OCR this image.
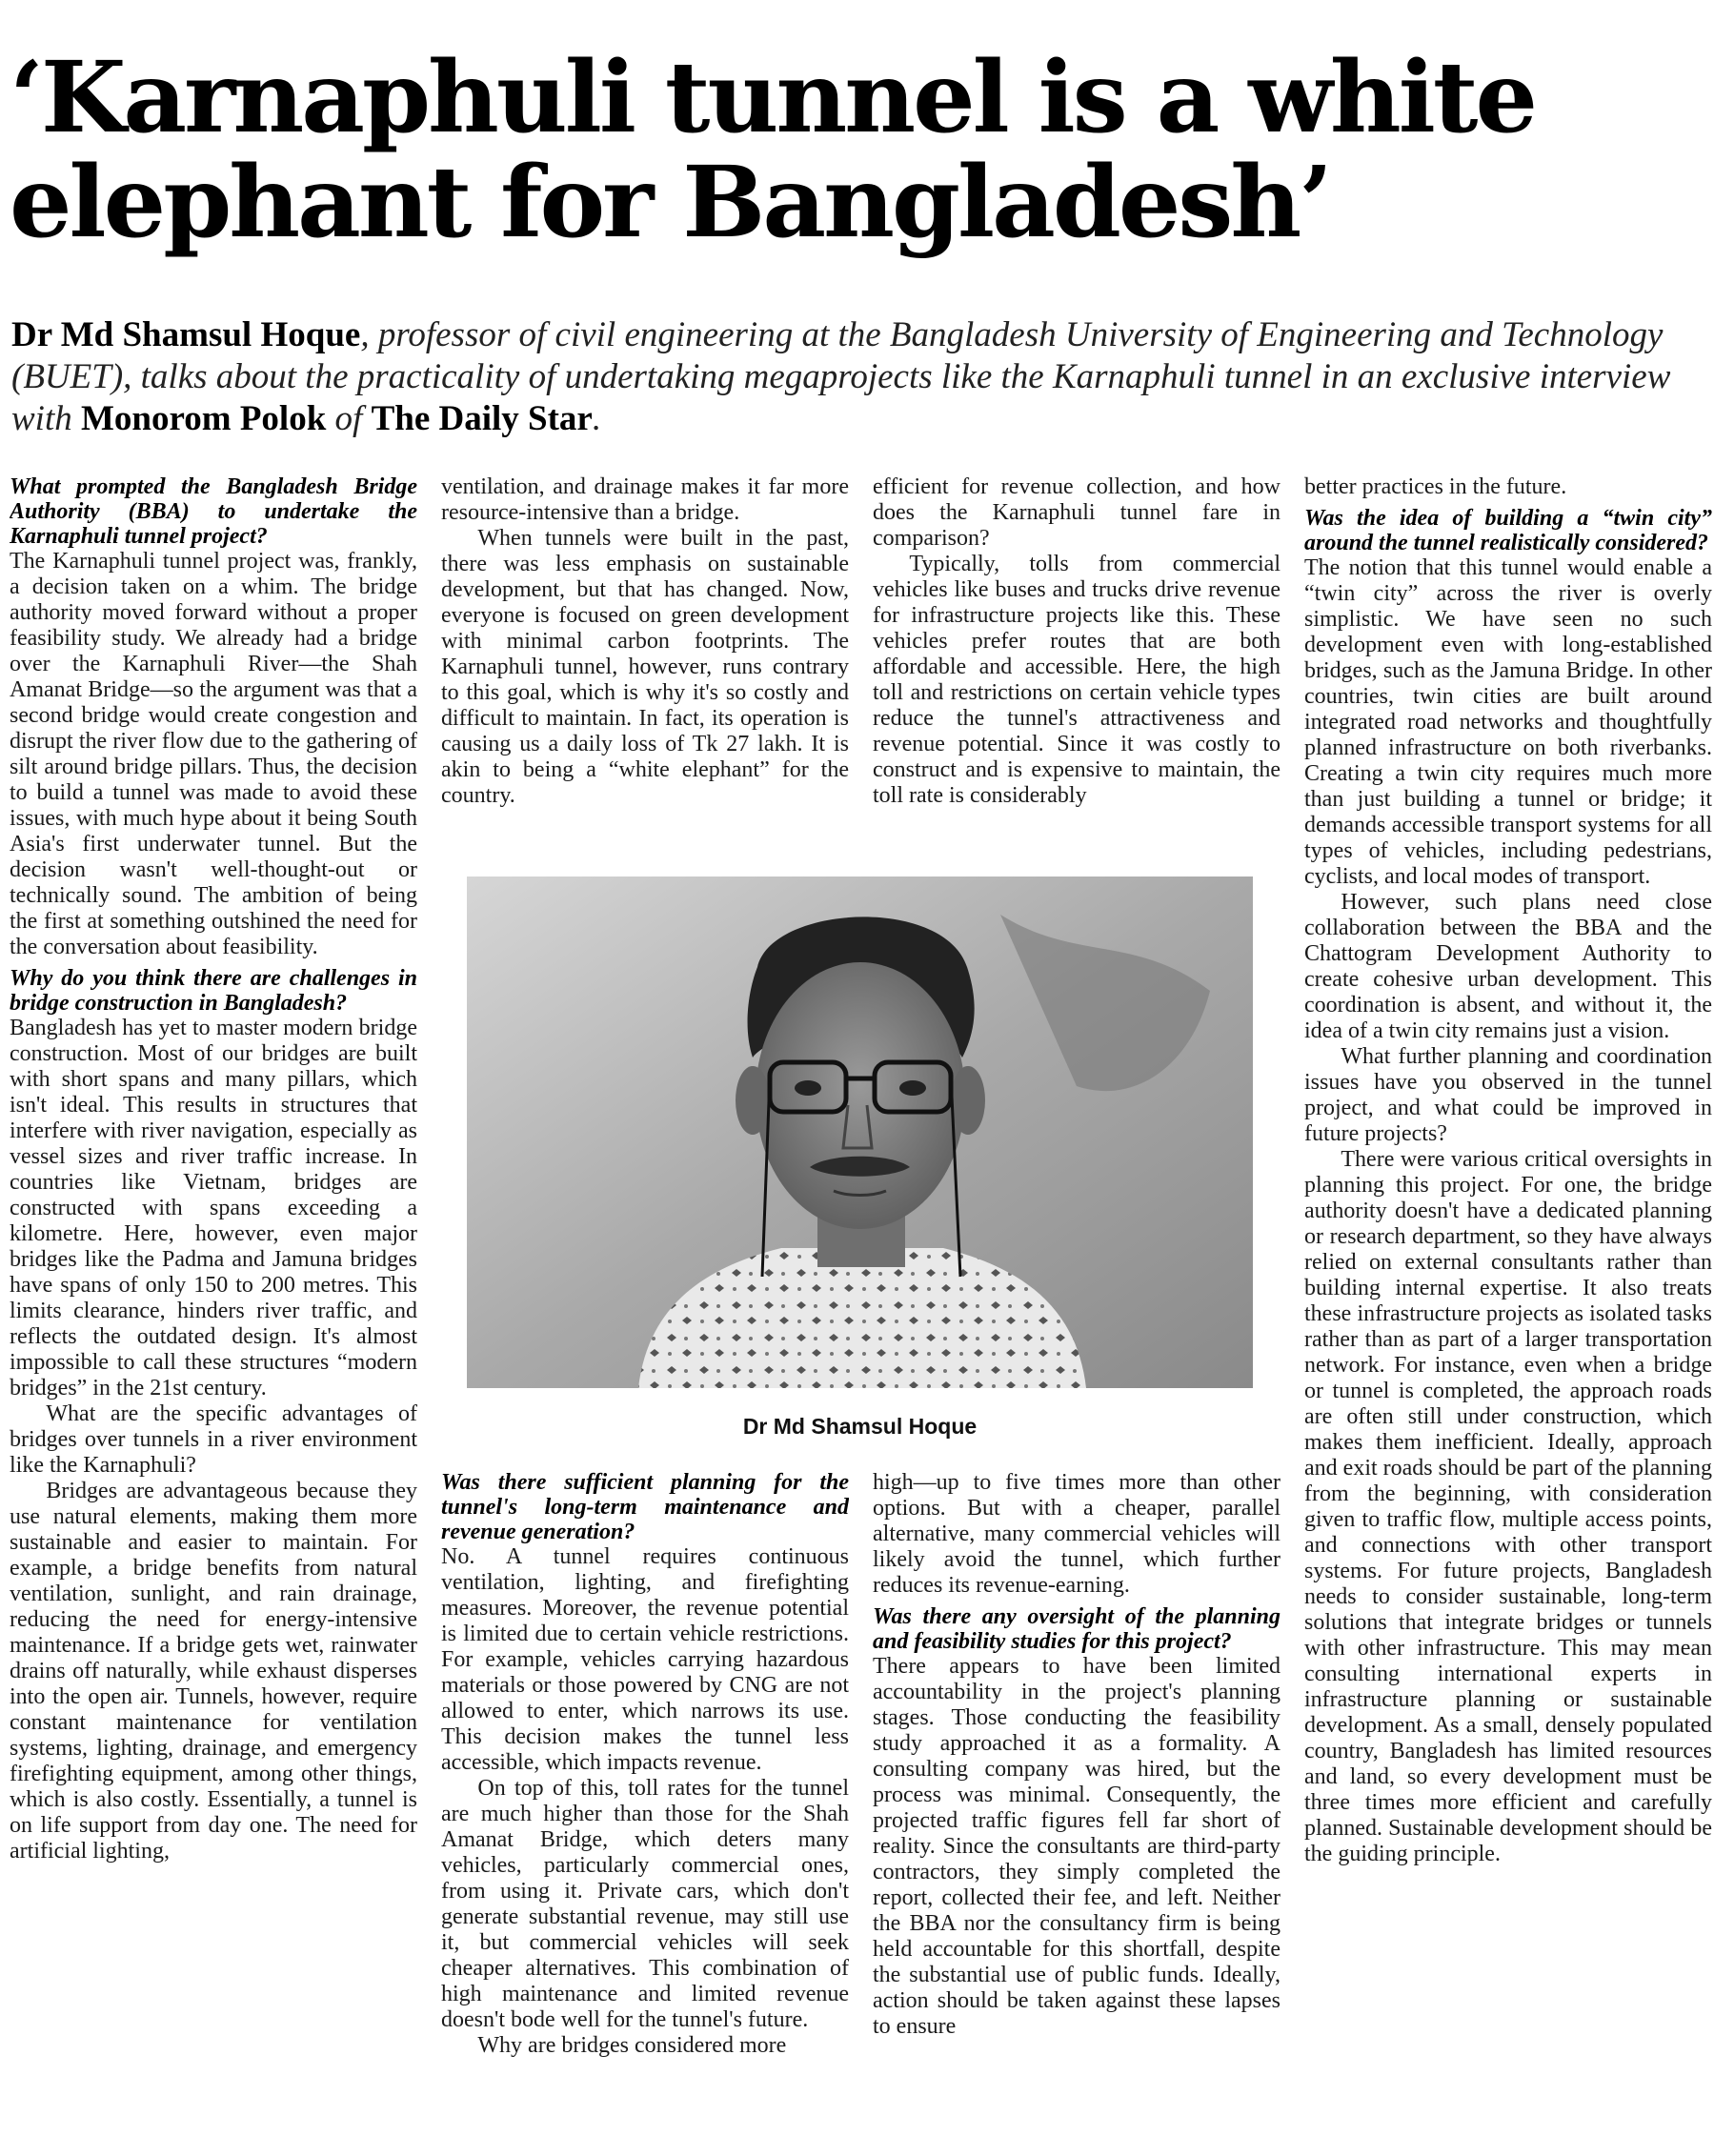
‘Karnaphuli tunnel is a white
elephant for Bangladesh’

Dr Md Shamsul Hoque, professor of civil engineering at the Bangladesh University of Engineering and Technology (BUET), talks about the practicality of undertaking megaprojects like the Karnaphuli tunnel in an exclusive interview with Monorom Polok of The Daily Star.

What prompted the Bangladesh Bridge Authority (BBA) to undertake the Karnaphuli tunnel project?

The Karnaphuli tunnel project was, frankly, a decision taken on a whim. The bridge authority moved forward without a proper feasibility study. We already had a bridge over the Karnaphuli River—the Shah Amanat Bridge—so the argument was that a second bridge would create congestion and disrupt the river flow due to the gathering of silt around bridge pillars. Thus, the decision to build a tunnel was made to avoid these issues, with much hype about it being South Asia's first underwater tunnel. But the decision wasn't well-thought-out or technically sound. The ambition of being the first at something outshined the need for the conversation about feasibility.

Why do you think there are challenges in bridge construction in Bangladesh?

Bangladesh has yet to master modern bridge construction. Most of our bridges are built with short spans and many pillars, which isn't ideal. This results in structures that interfere with river navigation, especially as vessel sizes and river traffic increase. In countries like Vietnam, bridges are constructed with spans exceeding a kilometre. Here, however, even major bridges like the Padma and Jamuna bridges have spans of only 150 to 200 metres. This limits clearance, hinders river traffic, and reflects the outdated design. It's almost impossible to call these structures “modern bridges” in the 21st century.

What are the specific advantages of bridges over tunnels in a river environment like the Karnaphuli?

Bridges are advantageous because they use natural elements, making them more sustainable and easier to maintain. For example, a bridge benefits from natural ventilation, sunlight, and rain drainage, reducing the need for energy-intensive maintenance. If a bridge gets wet, rainwater drains off naturally, while exhaust disperses into the open air. Tunnels, however, require constant maintenance for ventilation systems, lighting, drainage, and emergency firefighting equipment, among other things, which is also costly. Essentially, a tunnel is on life support from day one. The need for artificial lighting,

ventilation, and drainage makes it far more resource-intensive than a bridge.

When tunnels were built in the past, there was less emphasis on sustainable development, but that has changed. Now, everyone is focused on green development with minimal carbon footprints. The Karnaphuli tunnel, however, runs contrary to this goal, which is why it's so costly and difficult to maintain. In fact, its operation is causing us a daily loss of Tk 27 lakh. It is akin to being a “white elephant” for the country.

efficient for revenue collection, and how does the Karnaphuli tunnel fare in comparison?

Typically, tolls from commercial vehicles like buses and trucks drive revenue for infrastructure projects like this. These vehicles prefer routes that are both affordable and accessible. Here, the high toll and restrictions on certain vehicle types reduce the tunnel's attractiveness and revenue potential. Since it was costly to construct and is expensive to maintain, the toll rate is considerably

Dr Md Shamsul Hoque

Was there sufficient planning for the tunnel's long-term maintenance and revenue generation?

No. A tunnel requires continuous ventilation, lighting, and firefighting measures. Moreover, the revenue potential is limited due to certain vehicle restrictions. For example, vehicles carrying hazardous materials or those powered by CNG are not allowed to enter, which narrows its use. This decision makes the tunnel less accessible, which impacts revenue.

On top of this, toll rates for the tunnel are much higher than those for the Shah Amanat Bridge, which deters many vehicles, particularly commercial ones, from using it. Private cars, which don't generate substantial revenue, may still use it, but commercial vehicles will seek cheaper alternatives. This combination of high maintenance and limited revenue doesn't bode well for the tunnel's future.

Why are bridges considered more

high—up to five times more than other options. But with a cheaper, parallel alternative, many commercial vehicles will likely avoid the tunnel, which further reduces its revenue-earning.

Was there any oversight of the planning and feasibility studies for this project?

There appears to have been limited accountability in the project's planning stages. Those conducting the feasibility study approached it as a formality. A consulting company was hired, but the process was minimal. Consequently, the projected traffic figures fell far short of reality. Since the consultants are third-party contractors, they simply completed the report, collected their fee, and left. Neither the BBA nor the consultancy firm is being held accountable for this shortfall, despite the substantial use of public funds. Ideally, action should be taken against these lapses to ensure

better practices in the future.

Was the idea of building a “twin city” around the tunnel realistically considered?

The notion that this tunnel would enable a “twin city” across the river is overly simplistic. We have seen no such development even with long-established bridges, such as the Jamuna Bridge. In other countries, twin cities are built around integrated road networks and thoughtfully planned infrastructure on both riverbanks. Creating a twin city requires much more than just building a tunnel or bridge; it demands accessible transport systems for all types of vehicles, including pedestrians, cyclists, and local modes of transport.

However, such plans need close collaboration between the BBA and the Chattogram Development Authority to create cohesive urban development. This coordination is absent, and without it, the idea of a twin city remains just a vision.

What further planning and coordination issues have you observed in the tunnel project, and what could be improved in future projects?

There were various critical oversights in planning this project. For one, the bridge authority doesn't have a dedicated planning or research department, so they have always relied on external consultants rather than building internal expertise. It also treats these infrastructure projects as isolated tasks rather than as part of a larger transportation network. For instance, even when a bridge or tunnel is completed, the approach roads are often still under construction, which makes them inefficient. Ideally, approach and exit roads should be part of the planning from the beginning, with consideration given to traffic flow, multiple access points, and connections with other transport systems. For future projects, Bangladesh needs to consider sustainable, long-term solutions that integrate bridges or tunnels with other infrastructure. This may mean consulting international experts in infrastructure planning or sustainable development. As a small, densely populated country, Bangladesh has limited resources and land, so every development must be three times more efficient and carefully planned. Sustainable development should be the guiding principle.
